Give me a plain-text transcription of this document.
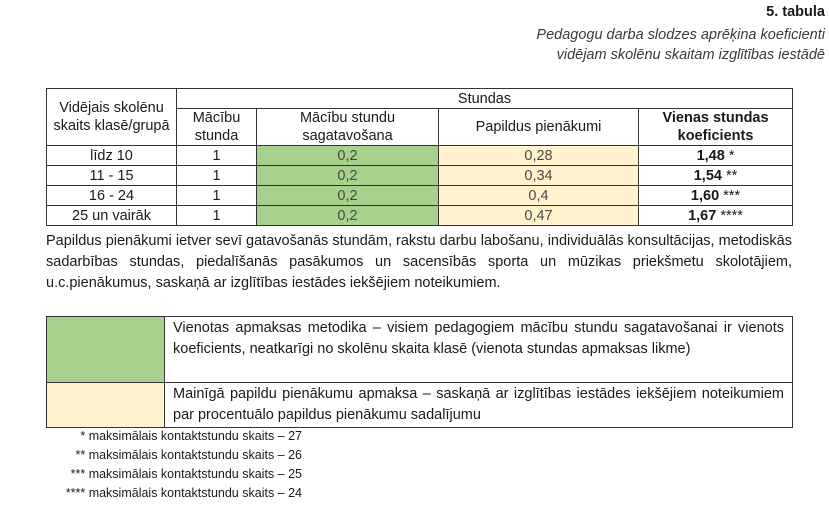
5. tabula
Pedagogu darba slodzes aprēķina koeficienti
vidējam skolēnu skaitam izglītības iestādē
Vidējais skolēnu skaits klasē/grupā	Stundas			
	Mācību stunda	Mācību stundu sagatavošana	Papildus pienākumi	Vienas stundas koeficients
līdz 10	1	0,2	0,28	1,48 *
11 - 15	1	0,2	0,34	1,54 **
16 - 24	1	0,2	0,4	1,60 ***
25 un vairāk	1	0,2	0,47	1,67 ****
Papildus pienākumi ietver sevī gatavošanās stundām, rakstu darbu labošanu, individuālās konsultācijas, metodiskās sadarbības stundas, piedalīšanās pasākumos un sacensībās sporta un mūzikas priekšmetu skolotājiem, u.c.pienākumus, saskaņā ar izglītības iestādes iekšējiem noteikumiem.
	Vienotas apmaksas metodika – visiem pedagogiem mācību stundu sagatavošanai ir vienots koeficients, neatkarīgi no skolēnu skaita klasē (vienota stundas apmaksas likme)
	Mainīgā papildu pienākumu apmaksa – saskaņā ar izglītības iestādes iekšējiem noteikumiem par procentuālo papildus pienākumu sadalījumu
* maksimālais kontaktstundu skaits – 27
** maksimālais kontaktstundu skaits – 26
*** maksimālais kontaktstundu skaits – 25
**** maksimālais kontaktstundu skaits – 24
